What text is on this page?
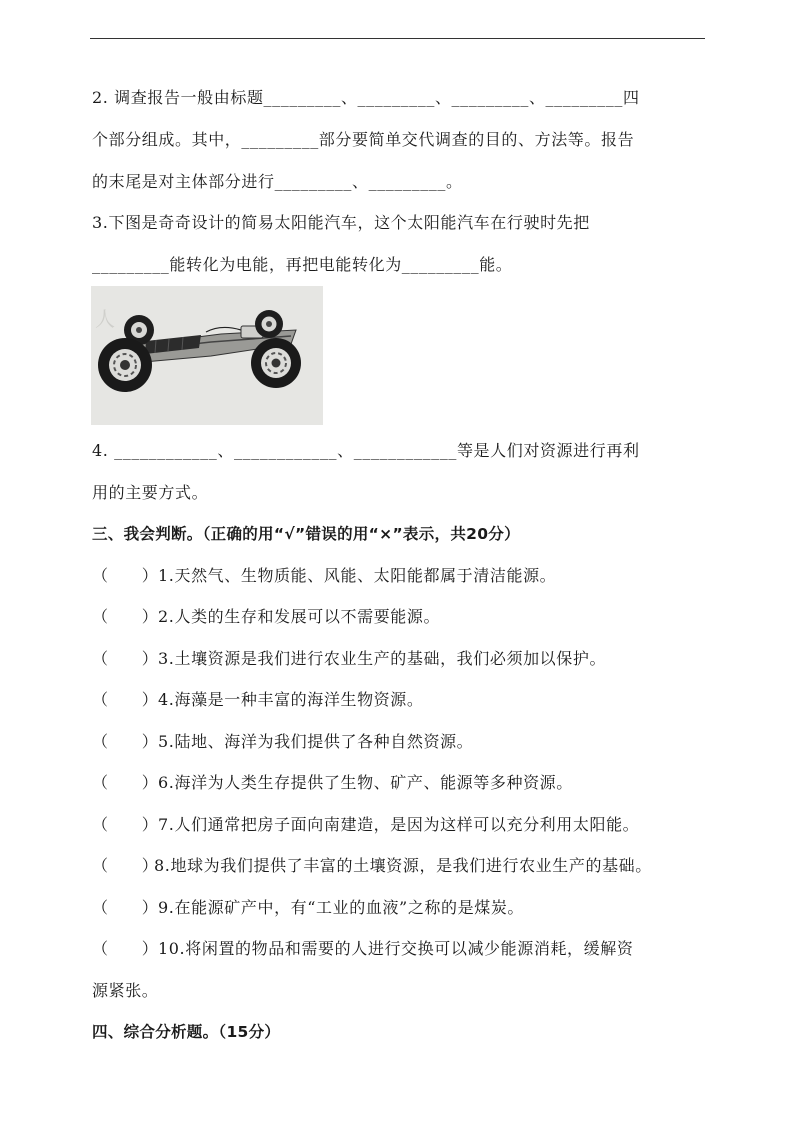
2. 调查报告一般由标题_________、_________、_________、_________四
个部分组成。其中，_________部分要简单交代调查的目的、方法等。报告
的末尾是对主体部分进行_________、_________。
3.下图是奇奇设计的简易太阳能汽车，这个太阳能汽车在行驶时先把
_________能转化为电能，再把电能转化为_________能。
人
4. ____________、____________、____________等是人们对资源进行再利
用的主要方式。
三、我会判断。（正确的用“√”错误的用“×”表示，共20分）
（　　）1.天然气、生物质能、风能、太阳能都属于清洁能源。
（　　）2.人类的生存和发展可以不需要能源。
（　　）3.土壤资源是我们进行农业生产的基础，我们必须加以保护。
（　　）4.海藻是一种丰富的海洋生物资源。
（　　）5.陆地、海洋为我们提供了各种自然资源。
（　　）6.海洋为人类生存提供了生物、矿产、能源等多种资源。
（　　）7.人们通常把房子面向南建造，是因为这样可以充分利用太阳能。
（　　）8.地球为我们提供了丰富的土壤资源，是我们进行农业生产的基础。
（　　）9.在能源矿产中，有“工业的血液”之称的是煤炭。
（　　）10.将闲置的物品和需要的人进行交换可以减少能源消耗，缓解资
源紧张。
四、综合分析题。（15分）
